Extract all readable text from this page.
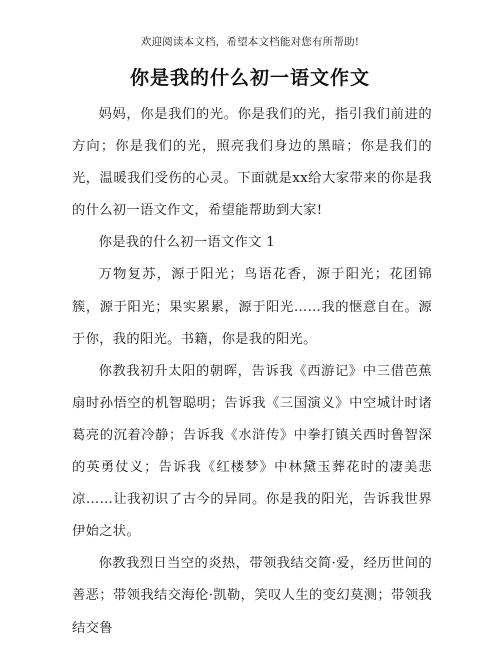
欢迎阅读本文档，希望本文档能对您有所帮助!
你是我的什么初一语文作文

妈妈，你是我们的光。你是我们的光，指引我们前进的方向；你是我们的光，照亮我们身边的黑暗；你是我们的光，温暖我们受伤的心灵。下面就是xx给大家带来的你是我的什么初一语文作文，希望能帮助到大家!

你是我的什么初一语文作文 1

万物复苏，源于阳光；鸟语花香，源于阳光；花团锦簇，源于阳光；果实累累，源于阳光……我的惬意自在。源于你，我的阳光。书籍，你是我的阳光。

你教我初升太阳的朝晖，告诉我《西游记》中三借芭蕉扇时孙悟空的机智聪明；告诉我《三国演义》中空城计时诸葛亮的沉着冷静；告诉我《水浒传》中拳打镇关西时鲁智深的英勇仗义；告诉我《红楼梦》中林黛玉葬花时的凄美悲凉……让我初识了古今的异同。你是我的阳光，告诉我世界伊始之状。

你教我烈日当空的炎热，带领我结交简·爱，经历世间的善恶；带领我结交海伦·凯勒，笑叹人生的变幻莫测；带领我结交鲁
